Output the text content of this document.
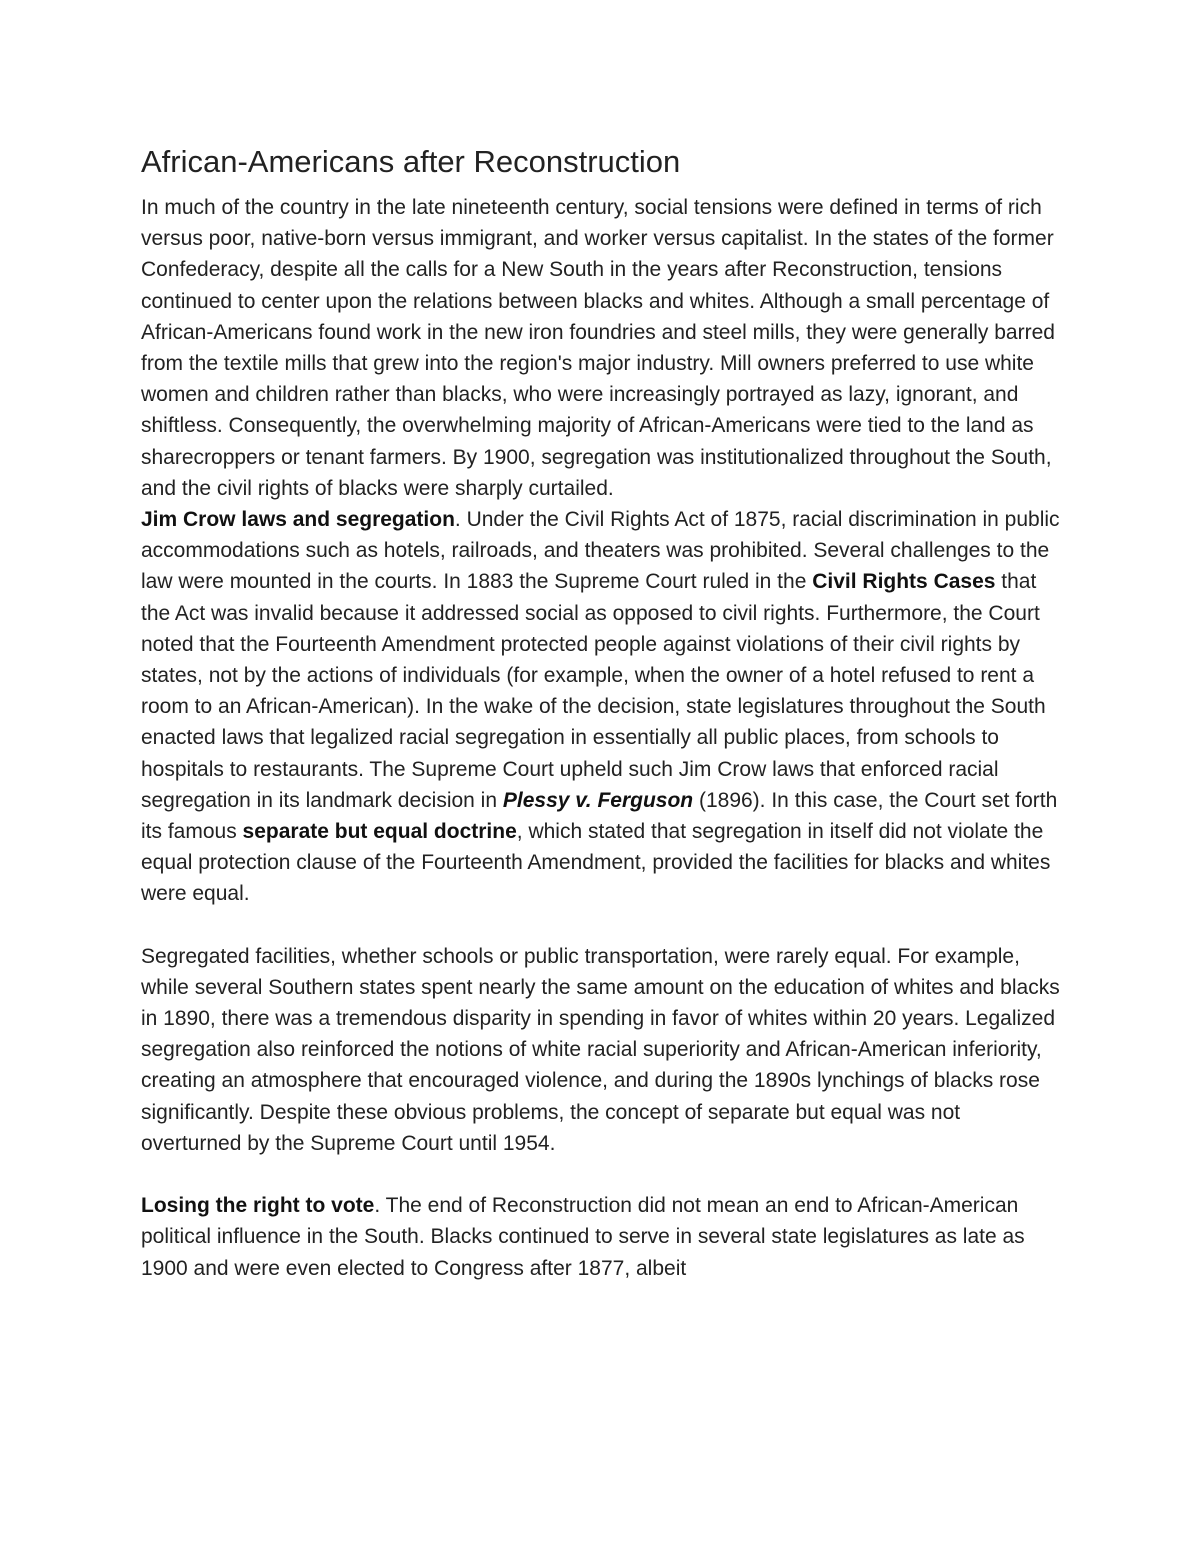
African-Americans after Reconstruction

In much of the country in the late nineteenth century, social tensions were defined in terms of rich versus poor, native-born versus immigrant, and worker versus capitalist. In the states of the former Confederacy, despite all the calls for a New South in the years after Reconstruction, tensions continued to center upon the relations between blacks and whites. Although a small percentage of African-Americans found work in the new iron foundries and steel mills, they were generally barred from the textile mills that grew into the region's major industry. Mill owners preferred to use white women and children rather than blacks, who were increasingly portrayed as lazy, ignorant, and shiftless. Consequently, the overwhelming majority of African-Americans were tied to the land as sharecroppers or tenant farmers. By 1900, segregation was institutionalized throughout the South, and the civil rights of blacks were sharply curtailed.

Jim Crow laws and segregation. Under the Civil Rights Act of 1875, racial discrimination in public accommodations such as hotels, railroads, and theaters was prohibited. Several challenges to the law were mounted in the courts. In 1883 the Supreme Court ruled in the Civil Rights Cases that the Act was invalid because it addressed social as opposed to civil rights. Furthermore, the Court noted that the Fourteenth Amendment protected people against violations of their civil rights by states, not by the actions of individuals (for example, when the owner of a hotel refused to rent a room to an African-American). In the wake of the decision, state legislatures throughout the South enacted laws that legalized racial segregation in essentially all public places, from schools to hospitals to restaurants. The Supreme Court upheld such Jim Crow laws that enforced racial segregation in its landmark decision in Plessy v. Ferguson (1896). In this case, the Court set forth its famous separate but equal doctrine, which stated that segregation in itself did not violate the equal protection clause of the Fourteenth Amendment, provided the facilities for blacks and whites were equal.

Segregated facilities, whether schools or public transportation, were rarely equal. For example, while several Southern states spent nearly the same amount on the education of whites and blacks in 1890, there was a tremendous disparity in spending in favor of whites within 20 years. Legalized segregation also reinforced the notions of white racial superiority and African-American inferiority, creating an atmosphere that encouraged violence, and during the 1890s lynchings of blacks rose significantly. Despite these obvious problems, the concept of separate but equal was not overturned by the Supreme Court until 1954.

Losing the right to vote. The end of Reconstruction did not mean an end to African-American political influence in the South. Blacks continued to serve in several state legislatures as late as 1900 and were even elected to Congress after 1877, albeit
